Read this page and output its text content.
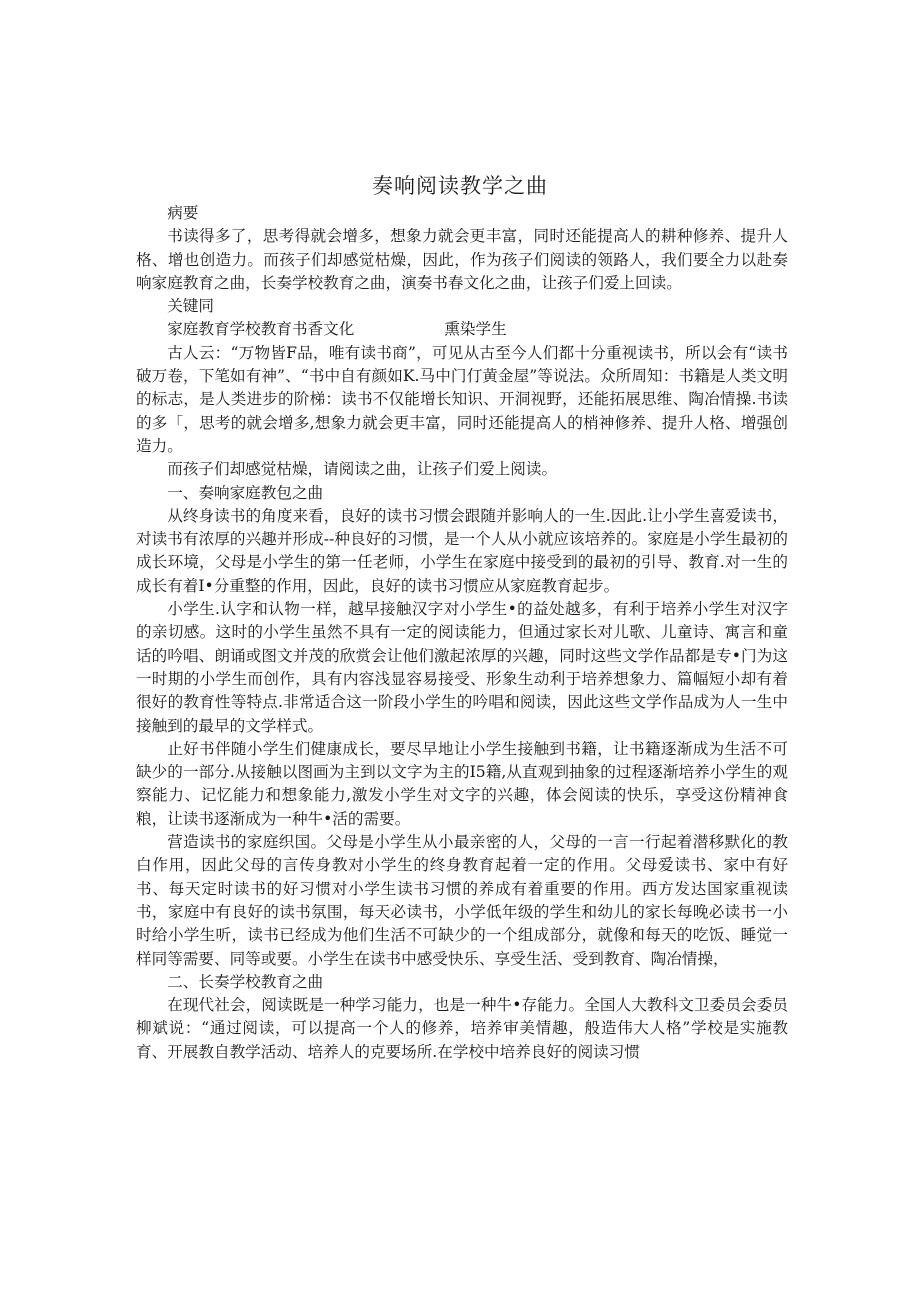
奏响阅读教学之曲

病要

书读得多了，思考得就会增多，想象力就会更丰富，同时还能提高人的耕种修养、提升人格、增也创造力。而孩子们却感觉枯燥，因此，作为孩子们阅读的领路人，我们要全力以赴奏响家庭教育之曲，长奏学校教育之曲，演奏书春文化之曲，让孩子们爱上回读。

关键同

家庭教育学校教育书香文化	熏染学生

古人云：“万物皆F品，唯有读书商”，可见从古至今人们都十分重视读书，所以会有“读书破万卷，下笔如有神”、“书中自有颜如K.马中门仃黄金屋”等说法。众所周知：书籍是人类文明的标志，是人类进步的阶梯：读书不仅能增长知识、开洞视野，还能拓展思维、陶冶情操.书读的多「，思考的就会增多,想象力就会更丰富，同时还能提高人的梢神修养、提升人格、增强创造力。

而孩子们却感觉枯燥，请阅读之曲，让孩子们爱上阅读。

一、奏响家庭教包之曲

从终身读书的角度来看，良好的读书习惯会跟随并影响人的一生.因此.让小学生喜爱读书，对读书有浓厚的兴趣并形成--种良好的习惯，是一个人从小就应该培养的。家庭是小学生最初的成长环境，父母是小学生的第一任老师，小学生在家庭中接受到的最初的引导、教育.对一生的成长有着I•分重整的作用，因此，良好的读书习惯应从家庭教育起步。

小学生.认字和认物一样，越早接触汉字对小学生•的益处越多，有利于培养小学生对汉字的亲切感。这时的小学生虽然不具有一定的阅读能力，但通过家长对儿歌、儿童诗、寓言和童话的吟唱、朗诵或图文并茂的欣赏会让他们激起浓厚的兴趣，同时这些文学作品都是专•门为这一时期的小学生而创作，具有内容浅显容易接受、形象生动利于培养想象力、篇幅短小却有着很好的教育性等特点.非常适合这一阶段小学生的吟唱和阅读，因此这些文学作品成为人一生中接触到的最早的文学样式。

止好书伴随小学生们健康成长，要尽早地让小学生接触到书籍，让书籍逐渐成为生活不可缺少的一部分.从接触以图画为主到以文字为主的I5籍,从直观到抽象的过程逐渐培养小学生的观察能力、记忆能力和想象能力,激发小学生对文字的兴趣，体会阅读的快乐，享受这份精神食粮，让读书逐渐成为一种牛•活的需要。

营造读书的家庭织国。父母是小学生从小最亲密的人，父母的一言一行起着潜移默化的教白作用，因此父母的言传身教对小学生的终身教育起着一定的作用。父母爱读书、家中有好书、每天定时读书的好习惯对小学生读书习惯的养成有着重要的作用。西方发达国家重视读书，家庭中有良好的读书氛围，每天必读书，小学低年级的学生和幼儿的家长每晚必读书一小时给小学生听，读书已经成为他们生活不可缺少的一个组成部分，就像和每天的吃饭、睡觉一样同等需要、同等或要。小学生在读书中感受快乐、享受生活、受到教育、陶冶情操，

二、长奏学校教育之曲

在现代社会，阅读既是一种学习能力，也是一种牛•存能力。全国人大教科文卫委员会委员柳斌说：“通过阅读，可以提高一个人的修养，培养审美情趣，般造伟大人格”学校是实施教育、开展教自教学活动、培养人的克要场所.在学校中培养良好的阅读习惯
